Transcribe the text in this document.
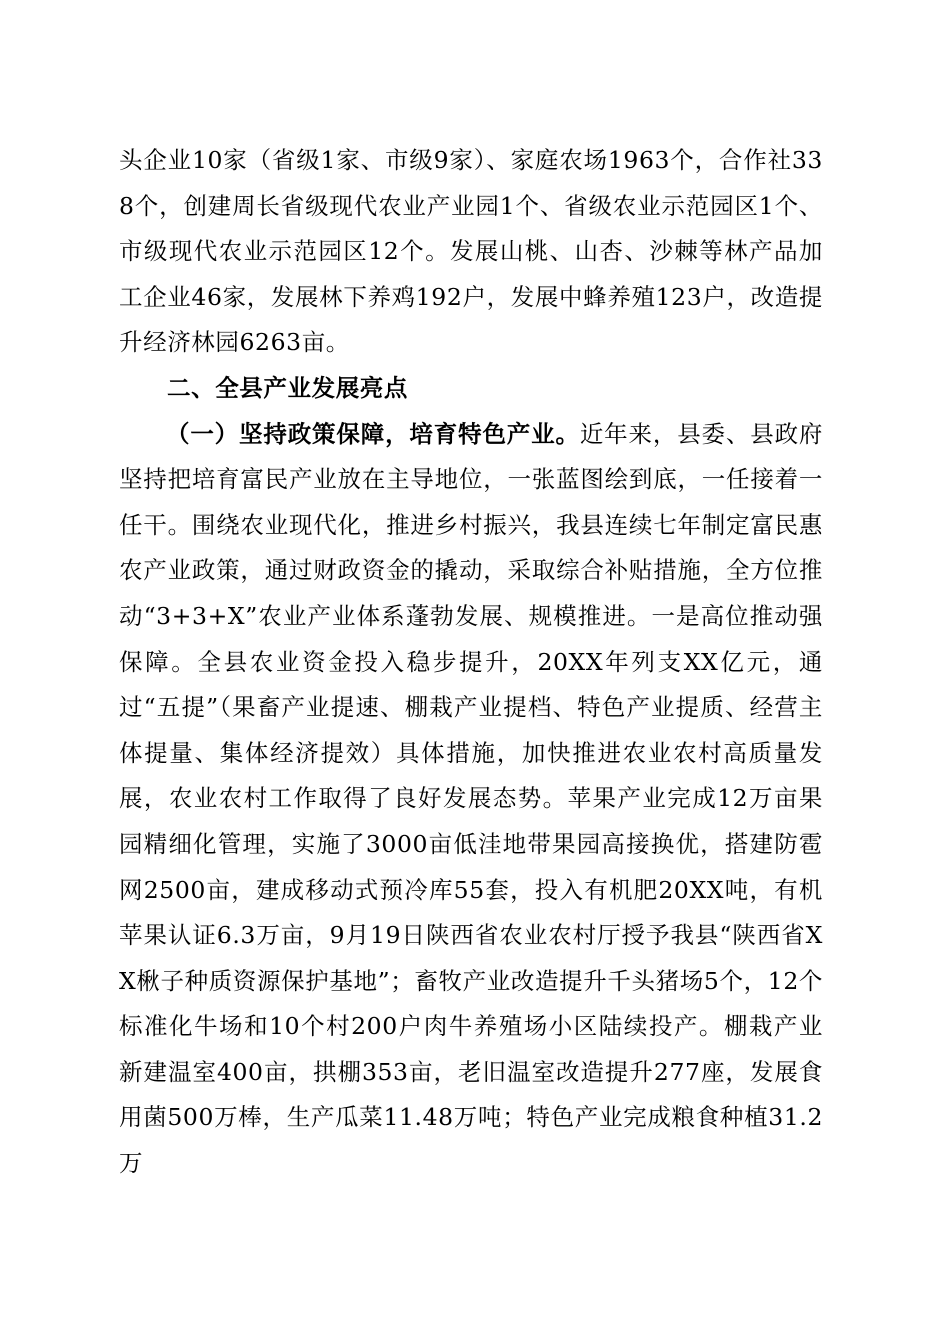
头企业10家（省级1家、市级9家）、家庭农场1963个，合作社338个，创建周长省级现代农业产业园1个、省级农业示范园区1个、市级现代农业示范园区12个。发展山桃、山杏、沙棘等林产品加工企业46家，发展林下养鸡192户，发展中蜂养殖123户，改造提升经济林园6263亩。

二、全县产业发展亮点

（一）坚持政策保障，培育特色产业。近年来，县委、县政府坚持把培育富民产业放在主导地位，一张蓝图绘到底，一任接着一任干。围绕农业现代化，推进乡村振兴，我县连续七年制定富民惠农产业政策，通过财政资金的撬动，采取综合补贴措施，全方位推动“3+3+X”农业产业体系蓬勃发展、规模推进。一是高位推动强保障。全县农业资金投入稳步提升，20XX年列支XX亿元，通过“五提”（果畜产业提速、棚栽产业提档、特色产业提质、经营主体提量、集体经济提效）具体措施，加快推进农业农村高质量发展，农业农村工作取得了良好发展态势。苹果产业完成12万亩果园精细化管理，实施了3000亩低洼地带果园高接换优，搭建防雹网2500亩，建成移动式预冷库55套，投入有机肥20XX吨，有机苹果认证6.3万亩，9月19日陕西省农业农村厅授予我县“陕西省XX楸子种质资源保护基地”；畜牧产业改造提升千头猪场5个，12个标准化牛场和10个村200户肉牛养殖场小区陆续投产。棚栽产业新建温室400亩，拱棚353亩，老旧温室改造提升277座，发展食用菌500万棒，生产瓜菜11.48万吨；特色产业完成粮食种植31.2万
